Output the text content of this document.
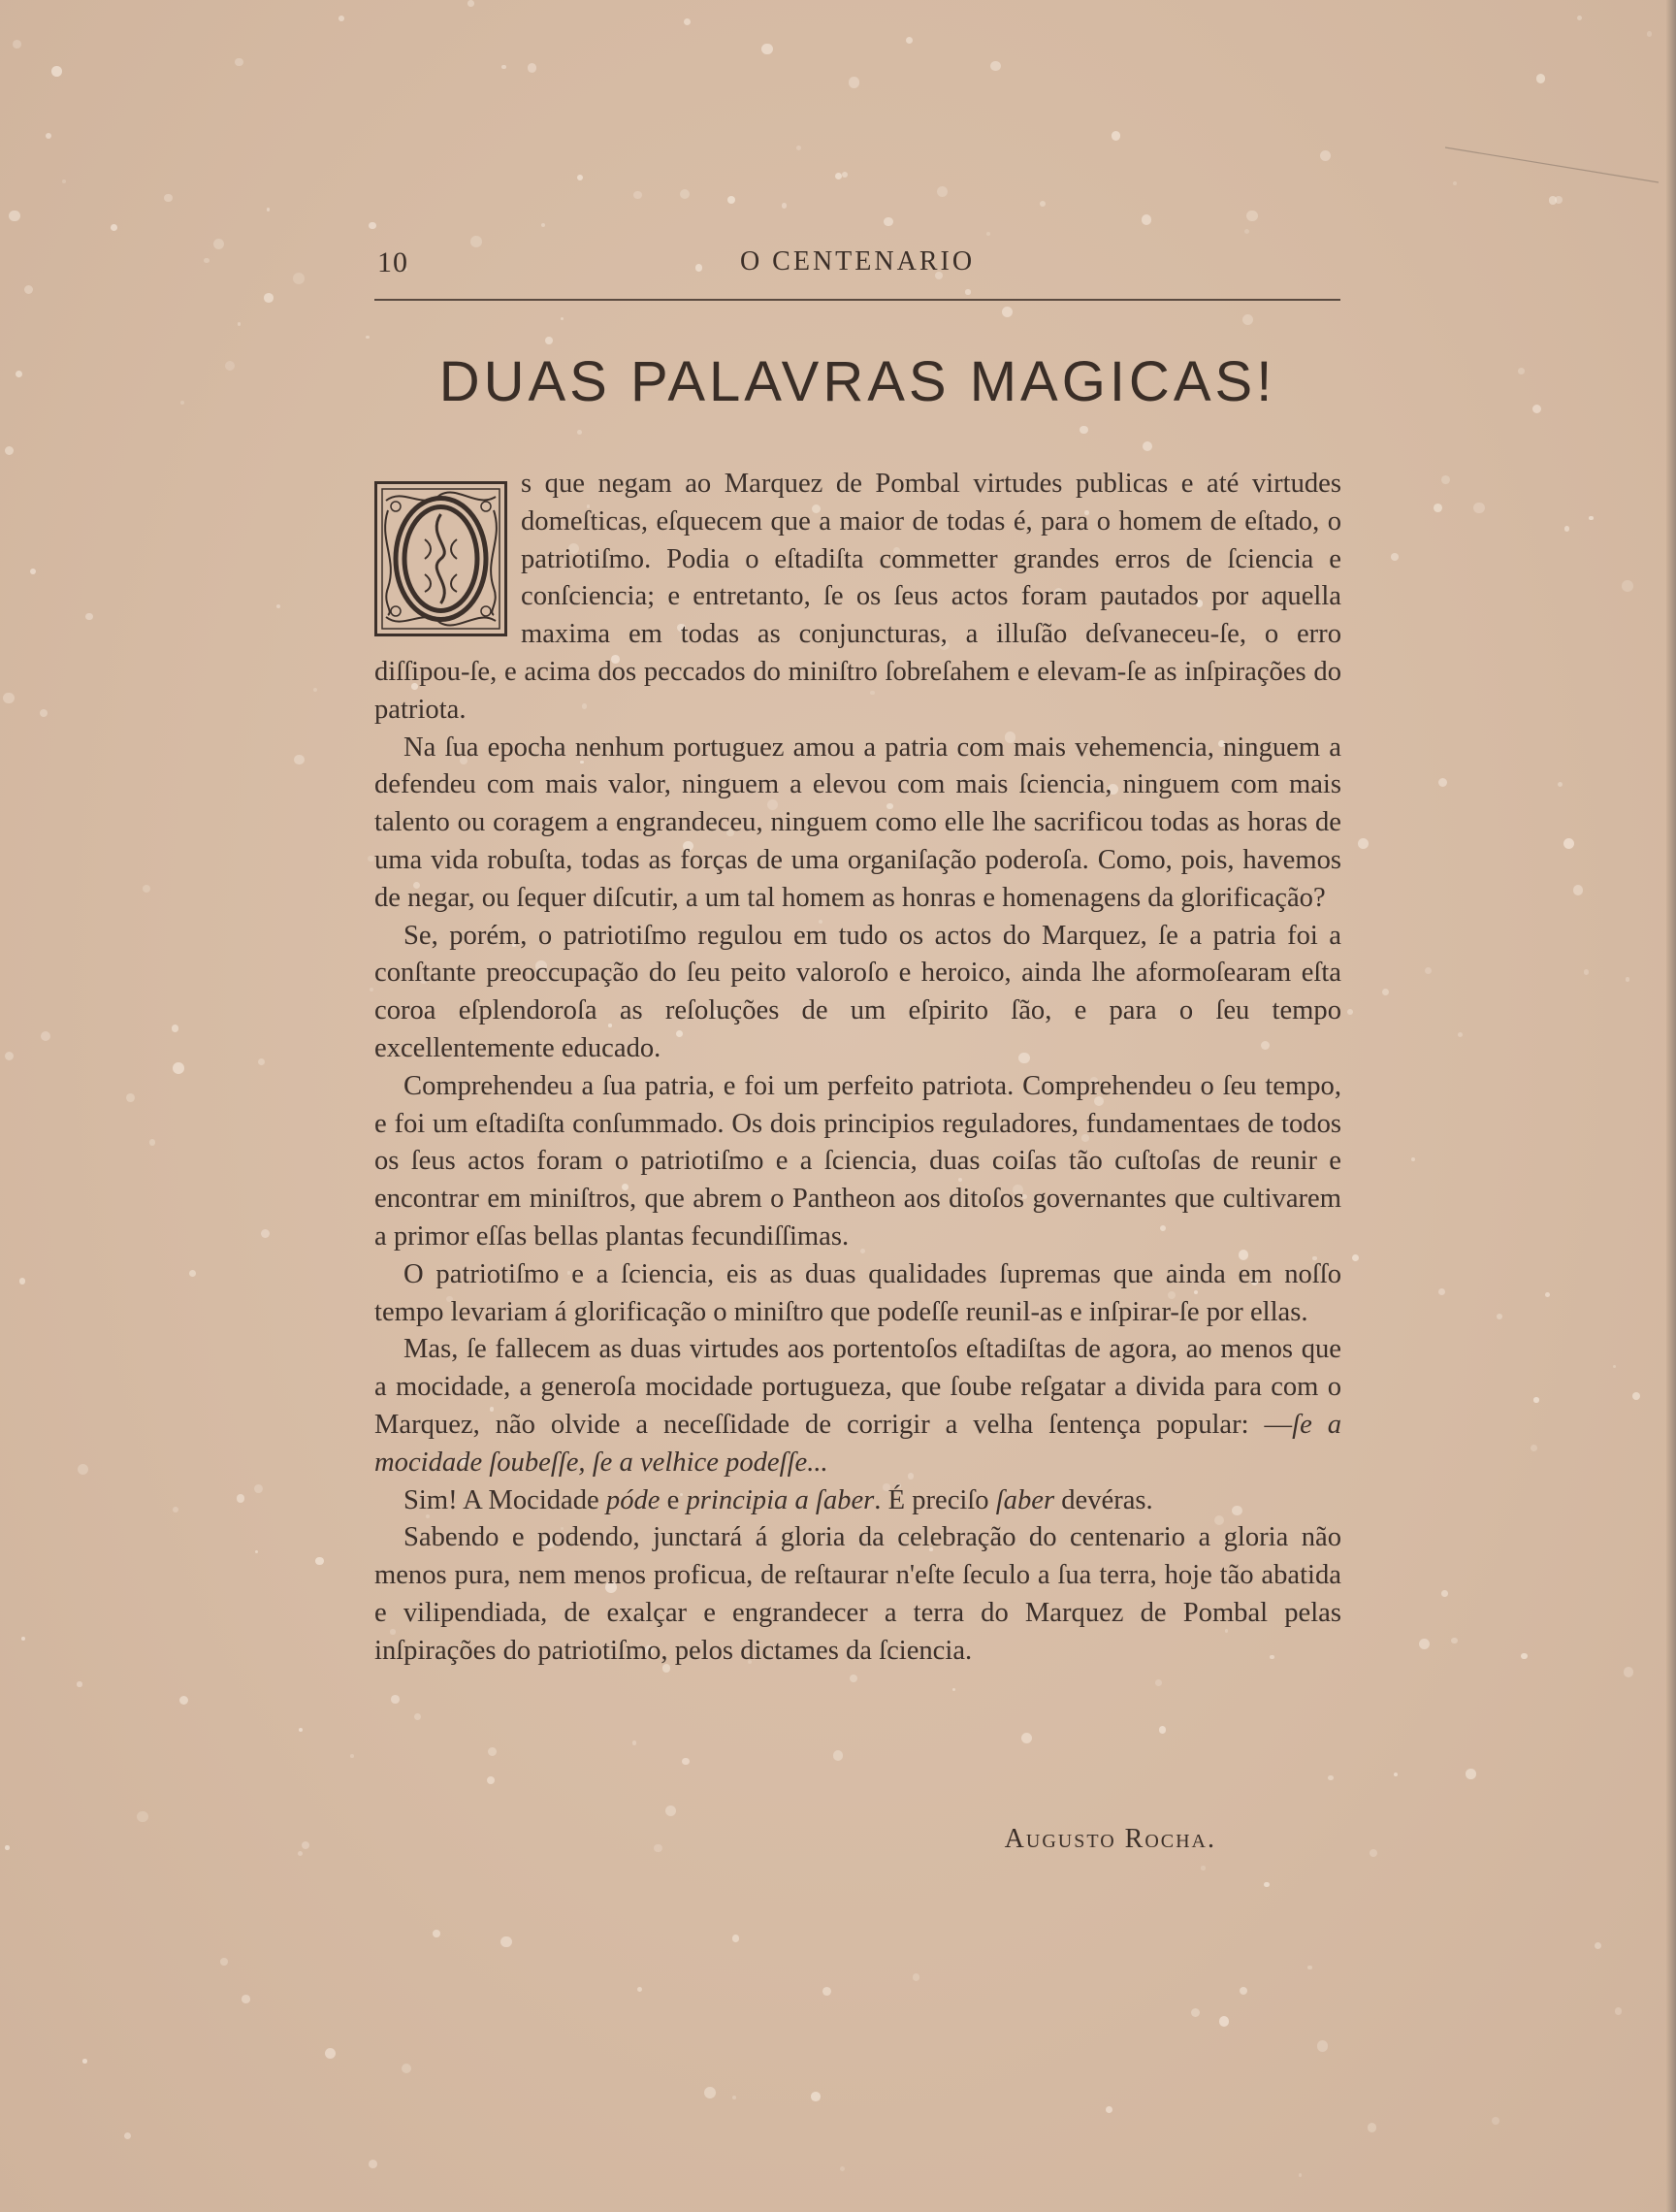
10	O CENTENARIO
DUAS PALAVRAS MAGICAS!

s que negam ao Marquez de Pombal virtudes publicas e até virtudes domeſticas, eſquecem que a maior de todas é, para o homem de eſtado, o patriotiſmo. Podia o eſtadiſta commetter grandes erros de ſciencia e conſciencia; e entretanto, ſe os ſeus actos foram pautados por aquella maxima em todas as conjuncturas, a illuſão deſvaneceu-ſe, o erro diſſipou-ſe, e acima dos peccados do miniſtro ſobreſahem e elevam-ſe as inſpirações do patriota.

Na ſua epocha nenhum portuguez amou a patria com mais vehemencia, ninguem a defendeu com mais valor, ninguem a elevou com mais ſciencia, ninguem com mais talento ou coragem a engrandeceu, ninguem como elle lhe sacrificou todas as horas de uma vida robuſta, todas as forças de uma organiſação poderoſa. Como, pois, havemos de negar, ou ſequer diſcutir, a um tal homem as honras e homenagens da glorificação?

Se, porém, o patriotiſmo regulou em tudo os actos do Marquez, ſe a patria foi a conſtante preoccupação do ſeu peito valoroſo e heroico, ainda lhe aformoſearam eſta coroa eſplendoroſa as reſoluções de um eſpirito ſão, e para o ſeu tempo excellentemente educado.

Comprehendeu a ſua patria, e foi um perfeito patriota. Comprehendeu o ſeu tempo, e foi um eſtadiſta conſummado. Os dois principios reguladores, fundamentaes de todos os ſeus actos foram o patriotiſmo e a ſciencia, duas coiſas tão cuſtoſas de reunir e encontrar em miniſtros, que abrem o Pantheon aos ditoſos governantes que cultivarem a primor eſſas bellas plantas fecundiſſimas.

O patriotiſmo e a ſciencia, eis as duas qualidades ſupremas que ainda em noſſo tempo levariam á glorificação o miniſtro que podeſſe reunil-as e inſpirar-ſe por ellas.

Mas, ſe fallecem as duas virtudes aos portentoſos eſtadiſtas de agora, ao menos que a mocidade, a generoſa mocidade portugueza, que ſoube reſgatar a divida para com o Marquez, não olvide a neceſſidade de corrigir a velha ſentença popular: —ſe a mocidade ſoubeſſe, ſe a velhice podeſſe...

Sim! A Mocidade póde e principia a ſaber. É preciſo ſaber devéras.

Sabendo e podendo, junctará á gloria da celebração do centenario a gloria não menos pura, nem menos proficua, de reſtaurar n'eſte ſeculo a ſua terra, hoje tão abatida e vilipendiada, de exalçar e engrandecer a terra do Marquez de Pombal pelas inſpirações do patriotiſmo, pelos dictames da ſciencia.

Augusto Rocha.
